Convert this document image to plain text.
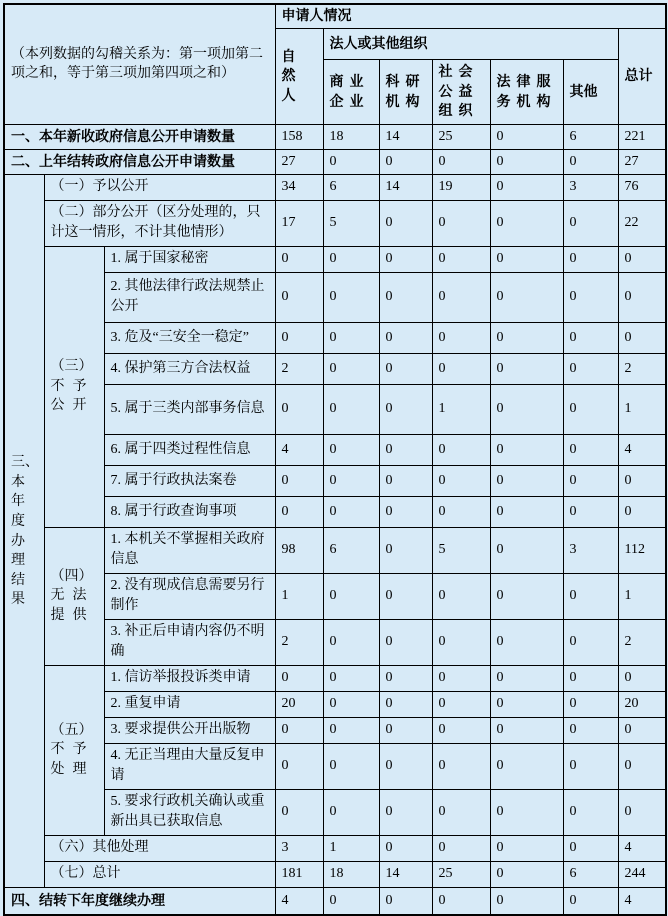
（本列数据的勾稽关系为：第一项加第二项之和，等于第三项加第四项之和）			申请人情况						
			自然人	法人或其他组织					总计
				商业企业	科研机构	社会公益组织	法律服务机构	其他	
一、本年新收政府信息公开申请数量			158	18	14	25	0	6	221
二、上年结转政府信息公开申请数量			27	0	0	0	0	0	27
三、本年度办理结果	（一）予以公开		34	6	14	19	0	3	76
	（二）部分公开（区分处理的，只计这一情形，不计其他情形）		17	5	0	0	0	0	22
	（三） 不予公开	1. 属于国家秘密	0	0	0	0	0	0	0
		2. 其他法律行政法规禁止公开	0	0	0	0	0	0	0
		3. 危及“三安全一稳定”	0	0	0	0	0	0	0
		4. 保护第三方合法权益	2	0	0	0	0	0	2
		5. 属于三类内部事务信息	0	0	0	1	0	0	1
		6. 属于四类过程性信息	4	0	0	0	0	0	4
		7. 属于行政执法案卷	0	0	0	0	0	0	0
		8. 属于行政查询事项	0	0	0	0	0	0	0
	（四） 无法提供	1. 本机关不掌握相关政府信息	98	6	0	5	0	3	112
		2. 没有现成信息需要另行制作	1	0	0	0	0	0	1
		3. 补正后申请内容仍不明确	2	0	0	0	0	0	2
	（五） 不予处理	1. 信访举报投诉类申请	0	0	0	0	0	0	0
		2. 重复申请	20	0	0	0	0	0	20
		3. 要求提供公开出版物	0	0	0	0	0	0	0
		4. 无正当理由大量反复申请	0	0	0	0	0	0	0
		5. 要求行政机关确认或重新出具已获取信息	0	0	0	0	0	0	0
	（六）其他处理		3	1	0	0	0	0	4
	（七）总计		181	18	14	25	0	6	244
四、结转下年度继续办理			4	0	0	0	0	0	4
